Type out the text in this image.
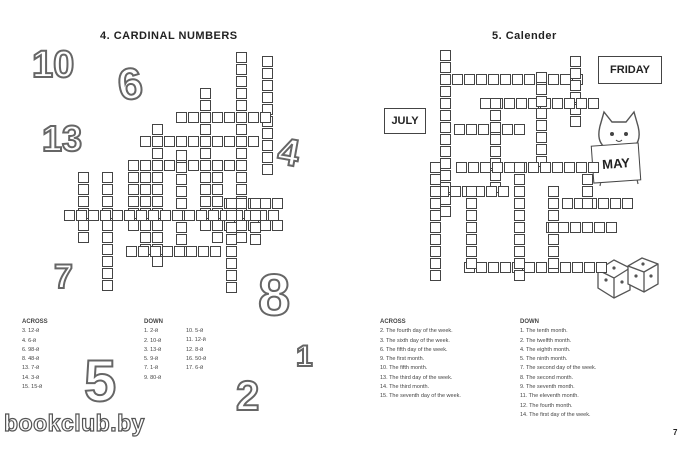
4. CARDINAL NUMBERS
10 6
13	4
7	8
5	2
1
ACROSS
3. 12-й
4. 6-й
6. 98-й
8. 48-й
13. 7-й
14. 3-й
15. 15-й
DOWN
1. 2-й
2. 10-й
3. 13-й
5. 9-й
7. 1-й
9. 80-й
10. 5-й
11. 12-й
12. 8-й
16. 50-й
17. 6-й
5. Calender
FRIDAY
JULY
MAY
ACROSS
2. The fourth day of the week.
3. The sixth day of the week.
6. The fifth day of the week.
9. The first month.
10. The fifth month.
13. The third day of the week.
14. The third month.
15. The seventh day of the week.
DOWN
1. The tenth month.
2. The twelfth month.
4. The eighth month.
5. The ninth month.
7. The second day of the week.
8. The second month.
9. The seventh month.
11. The eleventh month.
12. The fourth month.
14. The first day of the week.
bookclub.by	7
